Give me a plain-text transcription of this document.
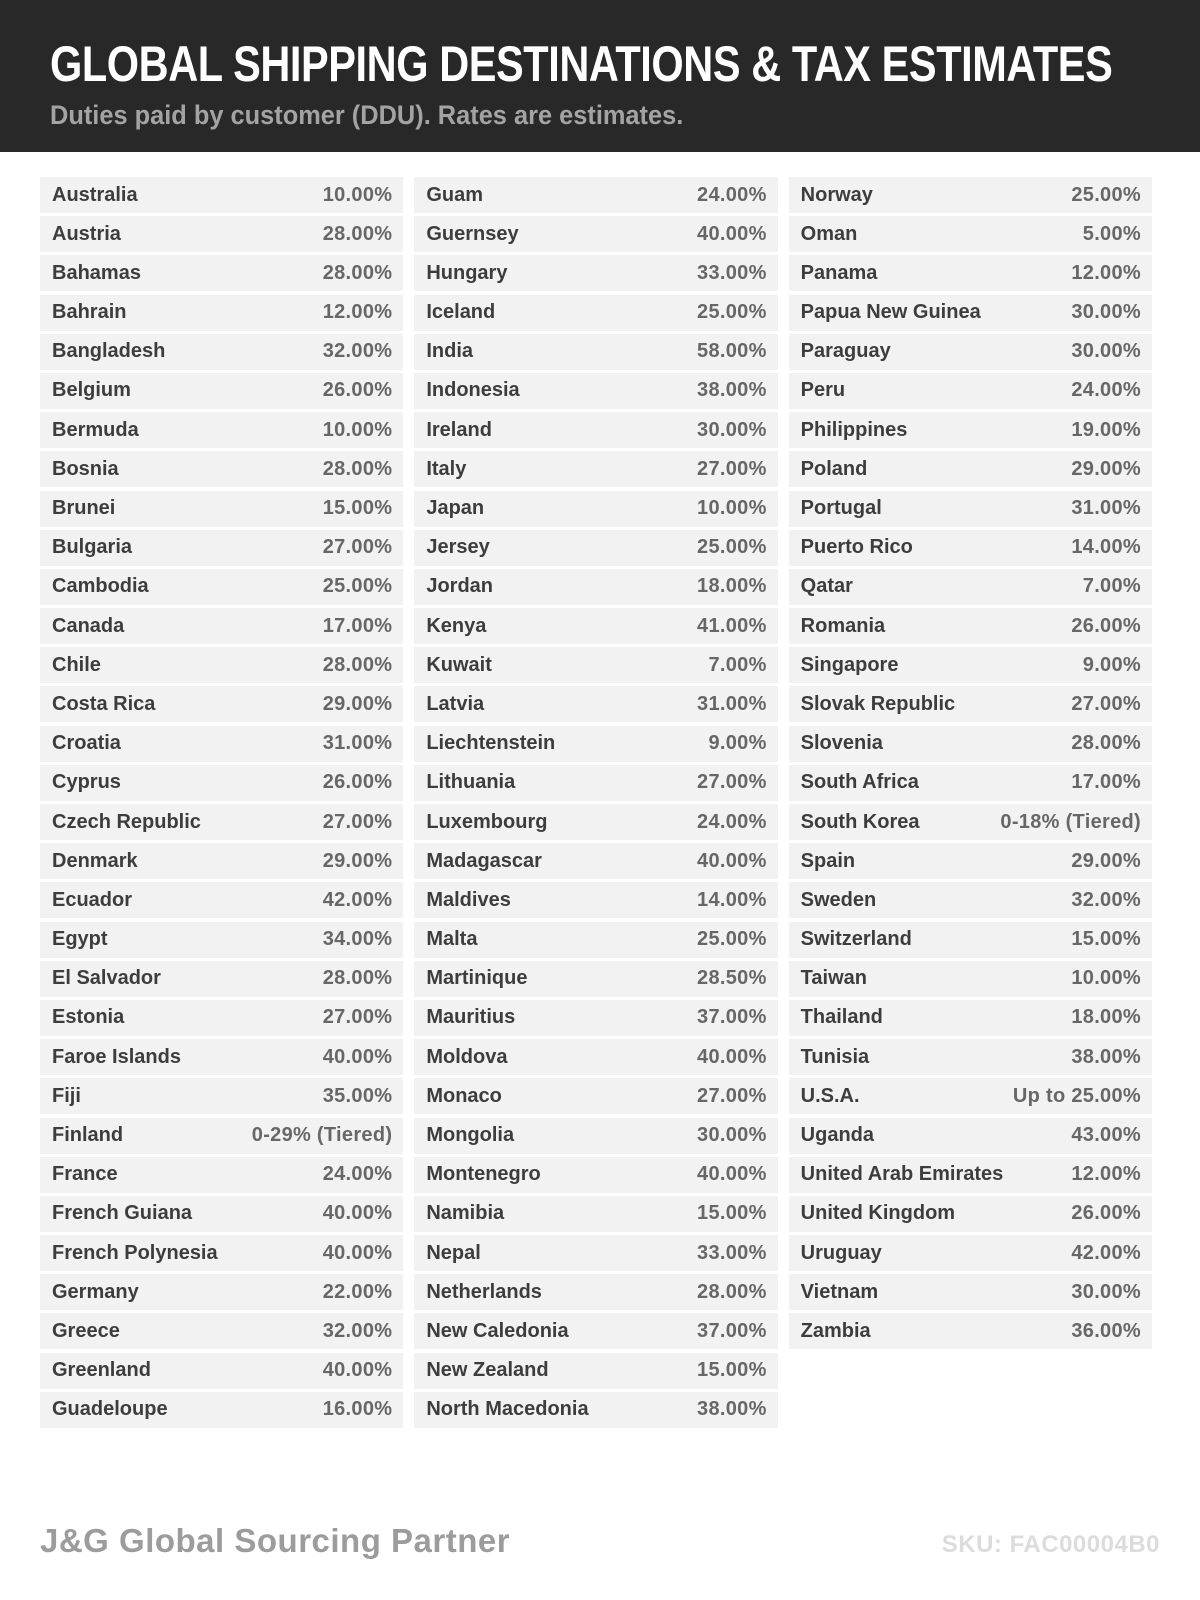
GLOBAL SHIPPING DESTINATIONS & TAX ESTIMATES
Duties paid by customer (DDU). Rates are estimates.
Australia	10.00%
Austria	28.00%
Bahamas	28.00%
Bahrain	12.00%
Bangladesh	32.00%
Belgium	26.00%
Bermuda	10.00%
Bosnia	28.00%
Brunei	15.00%
Bulgaria	27.00%
Cambodia	25.00%
Canada	17.00%
Chile	28.00%
Costa Rica	29.00%
Croatia	31.00%
Cyprus	26.00%
Czech Republic	27.00%
Denmark	29.00%
Ecuador	42.00%
Egypt	34.00%
El Salvador	28.00%
Estonia	27.00%
Faroe Islands	40.00%
Fiji	35.00%
Finland	0-29% (Tiered)
France	24.00%
French Guiana	40.00%
French Polynesia	40.00%
Germany	22.00%
Greece	32.00%
Greenland	40.00%
Guadeloupe	16.00%
Guam	24.00%
Guernsey	40.00%
Hungary	33.00%
Iceland	25.00%
India	58.00%
Indonesia	38.00%
Ireland	30.00%
Italy	27.00%
Japan	10.00%
Jersey	25.00%
Jordan	18.00%
Kenya	41.00%
Kuwait	7.00%
Latvia	31.00%
Liechtenstein	9.00%
Lithuania	27.00%
Luxembourg	24.00%
Madagascar	40.00%
Maldives	14.00%
Malta	25.00%
Martinique	28.50%
Mauritius	37.00%
Moldova	40.00%
Monaco	27.00%
Mongolia	30.00%
Montenegro	40.00%
Namibia	15.00%
Nepal	33.00%
Netherlands	28.00%
New Caledonia	37.00%
New Zealand	15.00%
North Macedonia	38.00%
Norway	25.00%
Oman	5.00%
Panama	12.00%
Papua New Guinea	30.00%
Paraguay	30.00%
Peru	24.00%
Philippines	19.00%
Poland	29.00%
Portugal	31.00%
Puerto Rico	14.00%
Qatar	7.00%
Romania	26.00%
Singapore	9.00%
Slovak Republic	27.00%
Slovenia	28.00%
South Africa	17.00%
South Korea	0-18% (Tiered)
Spain	29.00%
Sweden	32.00%
Switzerland	15.00%
Taiwan	10.00%
Thailand	18.00%
Tunisia	38.00%
U.S.A.	Up to 25.00%
Uganda	43.00%
United Arab Emirates	12.00%
United Kingdom	26.00%
Uruguay	42.00%
Vietnam	30.00%
Zambia	36.00%
J&G Global Sourcing Partner	SKU: FAC00004B0
